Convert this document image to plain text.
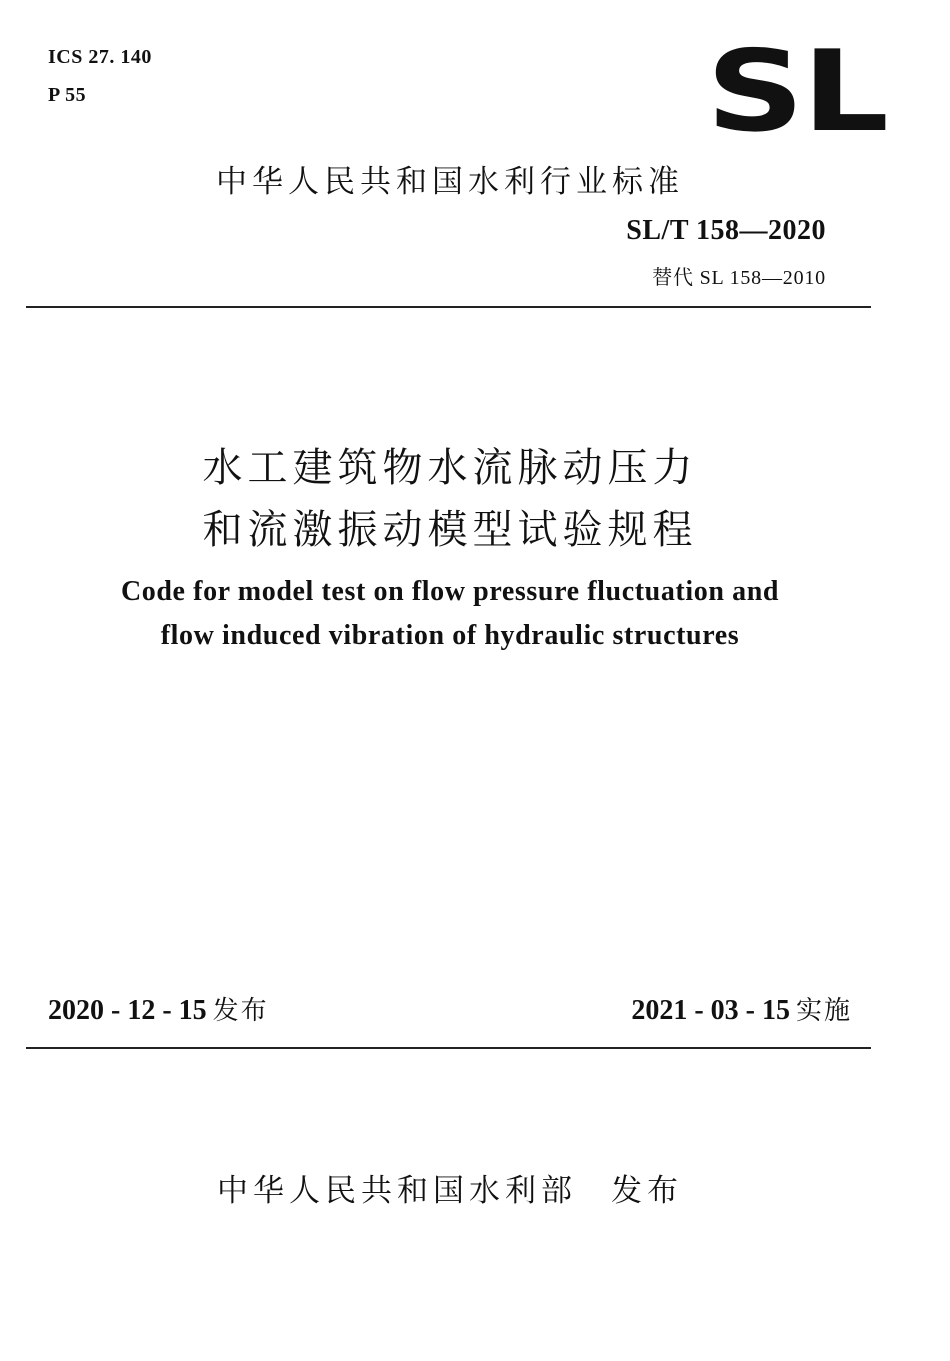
ICS 27. 140
P 55	SL
中华人民共和国水利行业标准
SL/T 158—2020
替代 SL 158—2010
水工建筑物水流脉动压力
和流激振动模型试验规程
Code for model test on flow pressure fluctuation and
flow induced vibration of hydraulic structures
2020 - 12 - 15 发布	2021 - 03 - 15 实施
中华人民共和国水利部 发布
